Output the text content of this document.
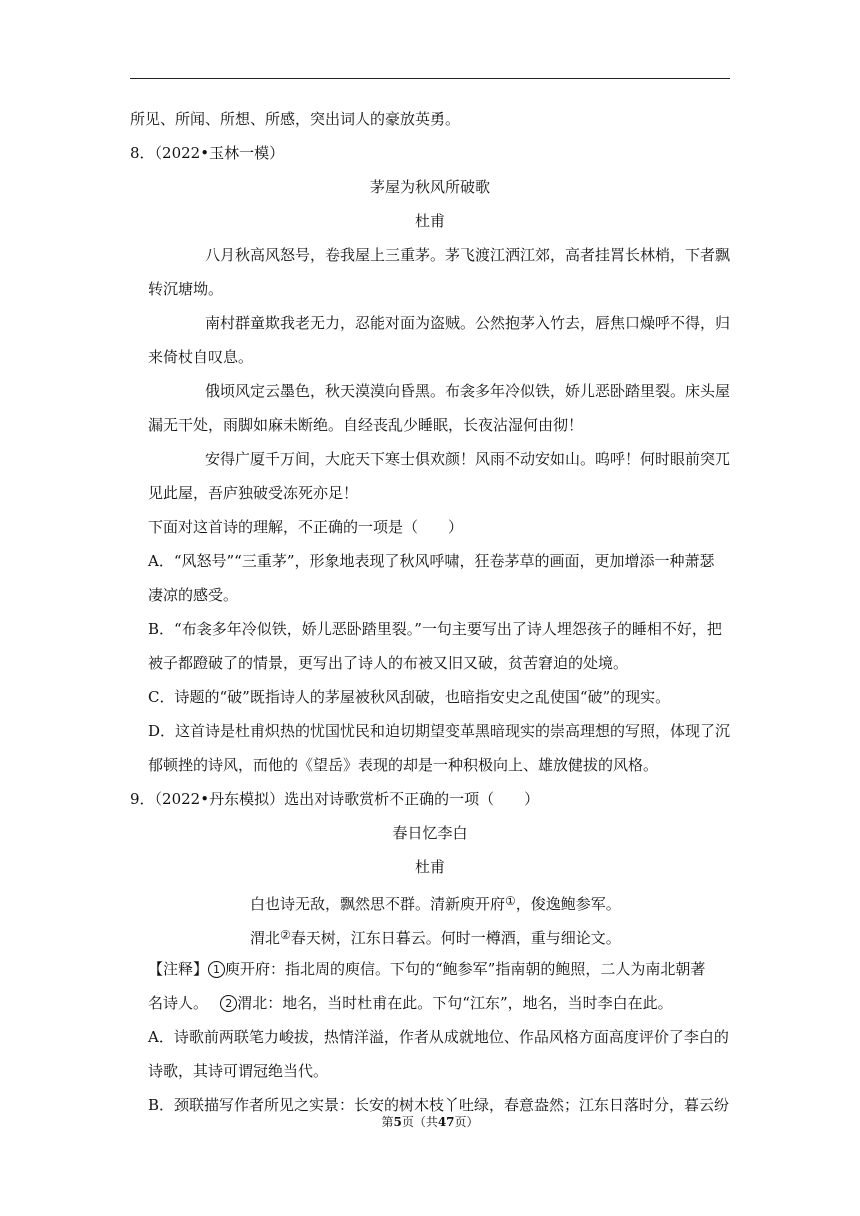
所见、所闻、所想、所感，突出词人的豪放英勇。

8．（2022•玉林一模）

茅屋为秋风所破歌

杜甫

八月秋高风怒号，卷我屋上三重茅。茅飞渡江洒江郊，高者挂罥长林梢，下者飘

转沉塘坳。

南村群童欺我老无力，忍能对面为盗贼。公然抱茅入竹去，唇焦口燥呼不得，归

来倚杖自叹息。

俄顷风定云墨色，秋天漠漠向昏黑。布衾多年冷似铁，娇儿恶卧踏里裂。床头屋

漏无干处，雨脚如麻未断绝。自经丧乱少睡眠，长夜沾湿何由彻！

安得广厦千万间，大庇天下寒士俱欢颜！风雨不动安如山。呜呼！何时眼前突兀

见此屋，吾庐独破受冻死亦足！

下面对这首诗的理解，不正确的一项是（　　）

A．“风怒号”“三重茅”，形象地表现了秋风呼啸，狂卷茅草的画面，更加增添一种萧瑟

凄凉的感受。

B．“布衾多年冷似铁，娇儿恶卧踏里裂。”一句主要写出了诗人埋怨孩子的睡相不好，把

被子都蹬破了的情景，更写出了诗人的布被又旧又破，贫苦窘迫的处境。

C．诗题的“破”既指诗人的茅屋被秋风刮破，也暗指安史之乱使国“破”的现实。

D．这首诗是杜甫炽热的忧国忧民和迫切期望变革黑暗现实的崇高理想的写照，体现了沉

郁顿挫的诗风，而他的《望岳》表现的却是一种积极向上、雄放健拔的风格。

9．（2022•丹东模拟）选出对诗歌赏析不正确的一项（　　）

春日忆李白

杜甫

白也诗无敌，飘然思不群。清新庾开府①，俊逸鲍参军。

渭北②春天树，江东日暮云。何时一樽酒，重与细论文。

【注释】 1 庾开府：指北周的庾信。下句的“鲍参军”指南朝的鲍照，二人为南北朝著

名诗人。　 2 渭北：地名，当时杜甫在此。下句“江东”，地名，当时李白在此。

A．诗歌前两联笔力峻拔，热情洋溢，作者从成就地位、作品风格方面高度评价了李白的

诗歌，其诗可谓冠绝当代。

B．颈联描写作者所见之实景：长安的树木枝丫吐绿，春意盎然；江东日落时分，暮云纷

第5页（共47页）
